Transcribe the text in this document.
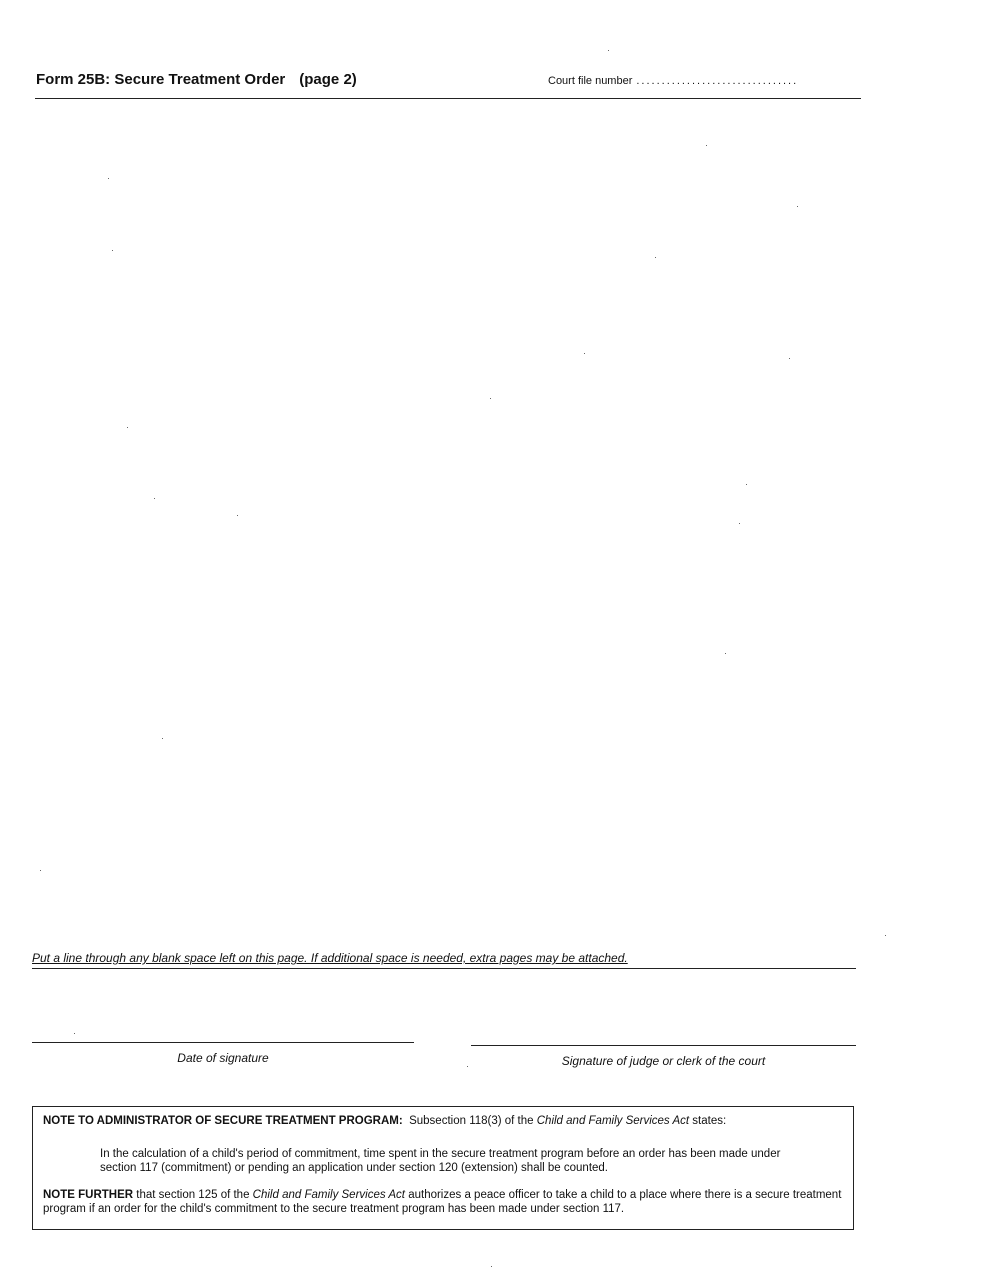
Form 25B: Secure Treatment Order (page 2)	Court file number ................................
Put a line through any blank space left on this page. If additional space is needed, extra pages may be attached.
Date of signature	Signature of judge or clerk of the court
NOTE TO ADMINISTRATOR OF SECURE TREATMENT PROGRAM: Subsection 118(3) of the Child and Family Services Act states:
In the calculation of a child's period of commitment, time spent in the secure treatment program before an order has been made under section 117 (commitment) or pending an application under section 120 (extension) shall be counted.
NOTE FURTHER that section 125 of the Child and Family Services Act authorizes a peace officer to take a child to a place where there is a secure treatment program if an order for the child's commitment to the secure treatment program has been made under section 117.
